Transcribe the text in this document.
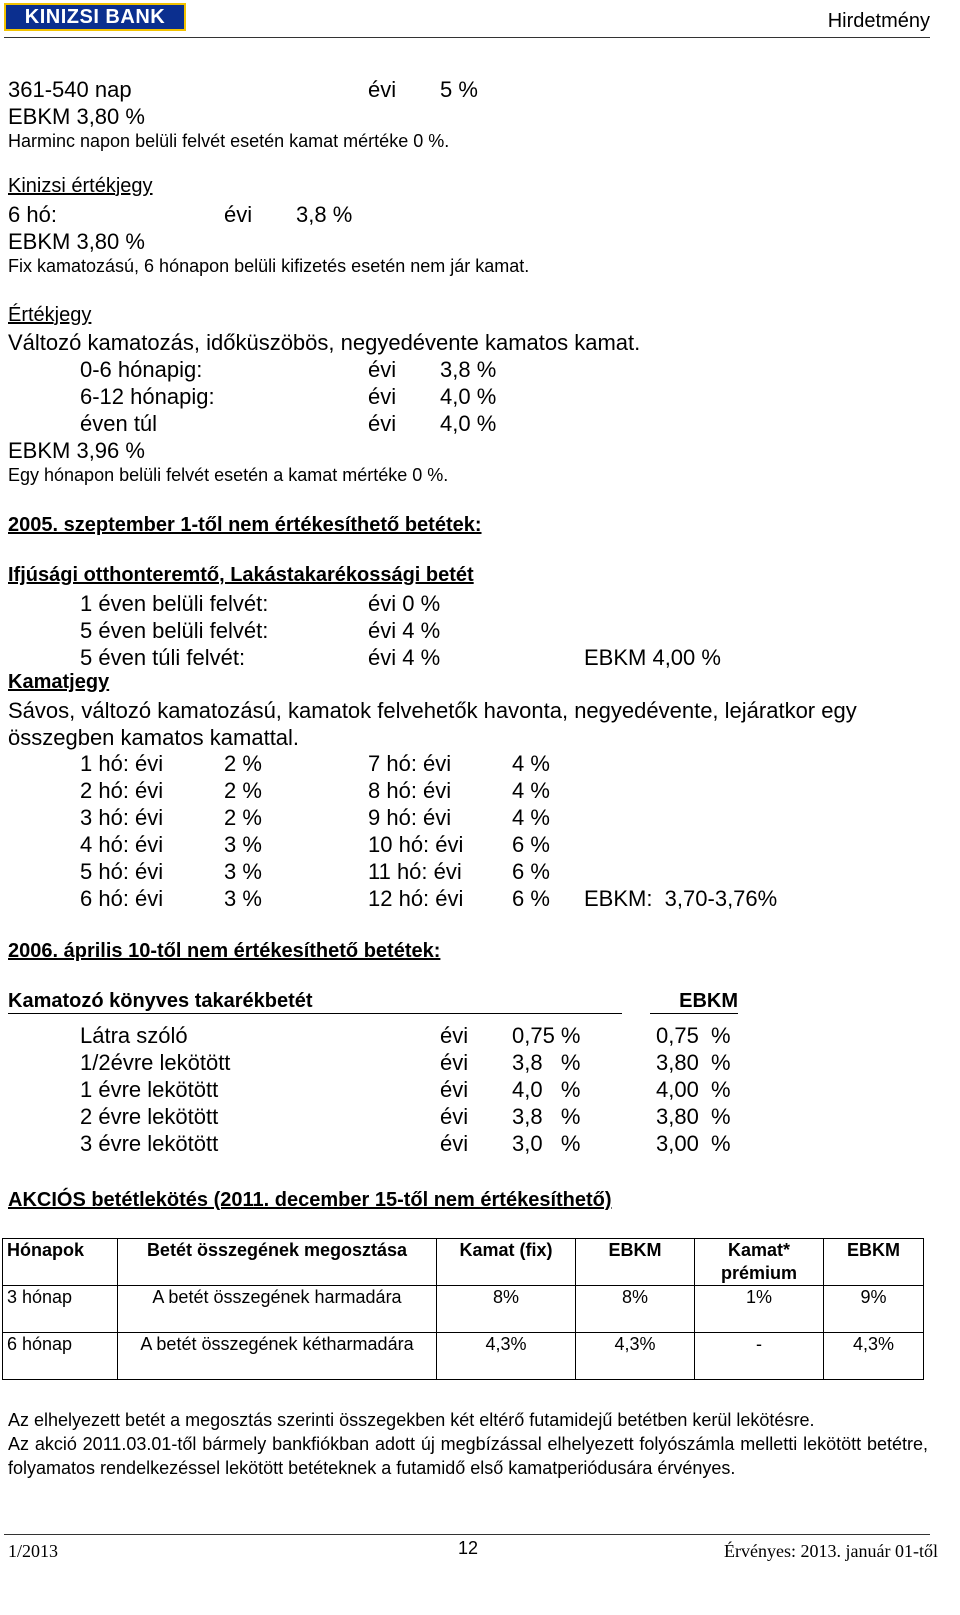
KINIZSI BANK	Hirdetmény
361-540 nap	évi 5 %
EBKM 3,80 %
Harminc napon belüli felvét esetén kamat mértéke 0 %.
Kinizsi értékjegy
6 hó:	évi 3,8 %
EBKM 3,80 %
Fix kamatozású, 6 hónapon belüli kifizetés esetén nem jár kamat.
Értékjegy
Változó kamatozás, időküszöbös, negyedévente kamatos kamat.
0-6 hónapig:	évi 3,8 %
6-12 hónapig:	évi 4,0 %
éven túl	évi 4,0 %
EBKM 3,96 %
Egy hónapon belüli felvét esetén a kamat mértéke 0 %.
2005. szeptember 1-től nem értékesíthető betétek:
Ifjúsági otthonteremtő, Lakástakarékossági betét
1 éven belüli felvét:	évi 0 %
5 éven belüli felvét:	évi 4 %
5 éven túli felvét:	évi 4 %	EBKM 4,00 %
Kamatjegy
Sávos, változó kamatozású, kamatok felvehetők havonta, negyedévente, lejáratkor egy
összegben kamatos kamattal.
1 hó: évi	2 %	7 hó: évi	4 %
2 hó: évi	2 %	8 hó: évi	4 %
3 hó: évi	2 %	9 hó: évi	4 %
4 hó: évi	3 %	10 hó: évi 6 %
5 hó: évi	3 %	11 hó: évi 6 %
6 hó: évi	3 %	12 hó: évi 6 % EBKM:  3,70-3,76%
2006. április 10-től nem értékesíthető betétek:
Kamatozó könyves takarékbetét	EBKM
Látra szóló	évi 0,75 %	0,75  %
1/2évre lekötött	évi 3,8   %	3,80  %
1 évre lekötött	évi 4,0   %	4,00  %
2 évre lekötött	évi 3,8   %	3,80  %
3 évre lekötött	évi 3,0   %	3,00  %
AKCIÓS betétlekötés (2011. december 15-től nem értékesíthető)
Hónapok	Betét összegének megosztása	Kamat (fix)	EBKM	Kamat* prémium	EBKM
3 hónap	A betét összegének harmadára	8%	8%	1%	9%
6 hónap	A betét összegének kétharmadára	4,3%	4,3%	-	4,3%
Az elhelyezett betét a megosztás szerinti összegekben két eltérő futamidejű betétben kerül lekötésre.
Az akció 2011.03.01-től bármely bankfiókban adott új megbízással elhelyezett folyószámla melletti lekötött betétre, folyamatos rendelkezéssel lekötött betéteknek a futamidő első kamatperiódusára érvényes.
1/2013	12	Érvényes: 2013. január 01-től
